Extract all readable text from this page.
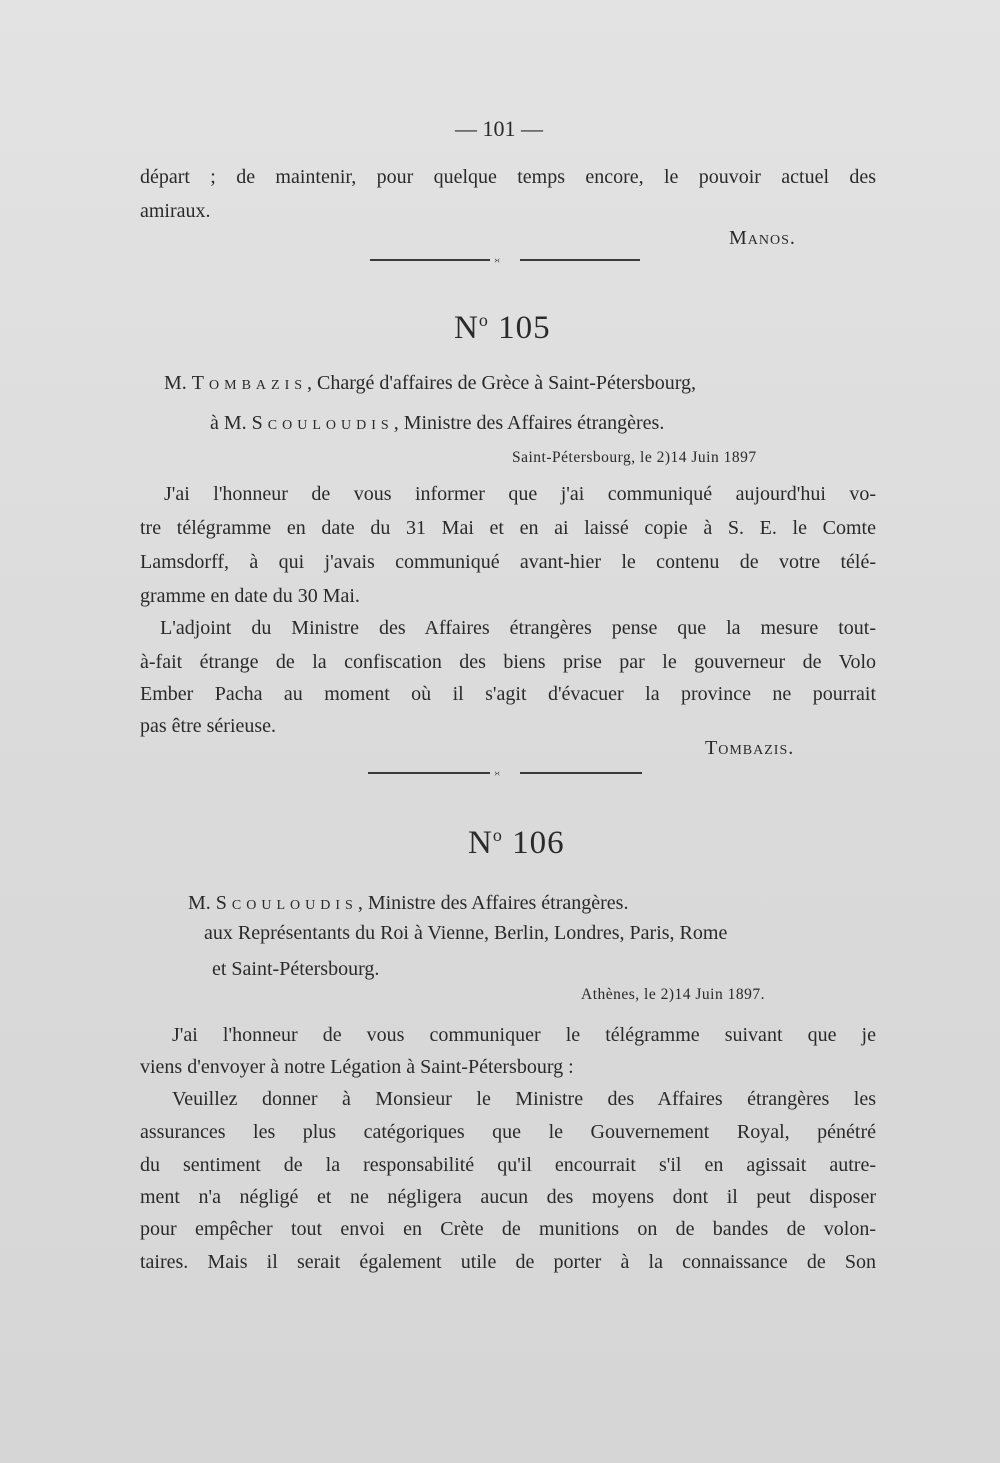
— 101 —

départ ; de maintenir, pour quelque temps encore, le pouvoir actuel des

amiraux.

Manos.

›‹

$N^o$ 105

M. Tombazis, Chargé d'affaires de Grèce à Saint-Pétersbourg,

à M. Scouloudis, Ministre des Affaires étrangères.

Saint-Pétersbourg, le 2)14 Juin 1897

J'ai l'honneur de vous informer que j'ai communiqué aujourd'hui vo-

tre télégramme en date du 31 Mai et en ai laissé copie à S. E. le Comte

Lamsdorff, à qui j'avais communiqué avant-hier le contenu de votre télé-

gramme en date du 30 Mai.

L'adjoint du Ministre des Affaires étrangères pense que la mesure tout-

à-fait étrange de la confiscation des biens prise par le gouverneur de Volo

Ember Pacha au moment où il s'agit d'évacuer la province ne pourrait

pas être sérieuse.

Tombazis.

›‹

$N^o$ 106

M. Scouloudis, Ministre des Affaires étrangères.

aux Représentants du Roi à Vienne, Berlin, Londres, Paris, Rome

et Saint-Pétersbourg.

Athènes, le 2)14 Juin 1897.

J'ai l'honneur de vous communiquer le télégramme suivant que je

viens d'envoyer à notre Légation à Saint-Pétersbourg :

Veuillez donner à Monsieur le Ministre des Affaires étrangères les

assurances les plus catégoriques que le Gouvernement Royal, pénétré

du sentiment de la responsabilité qu'il encourrait s'il en agissait autre-

ment n'a négligé et ne négligera aucun des moyens dont il peut disposer

pour empêcher tout envoi en Crète de munitions on de bandes de volon-

taires. Mais il serait également utile de porter à la connaissance de Son
